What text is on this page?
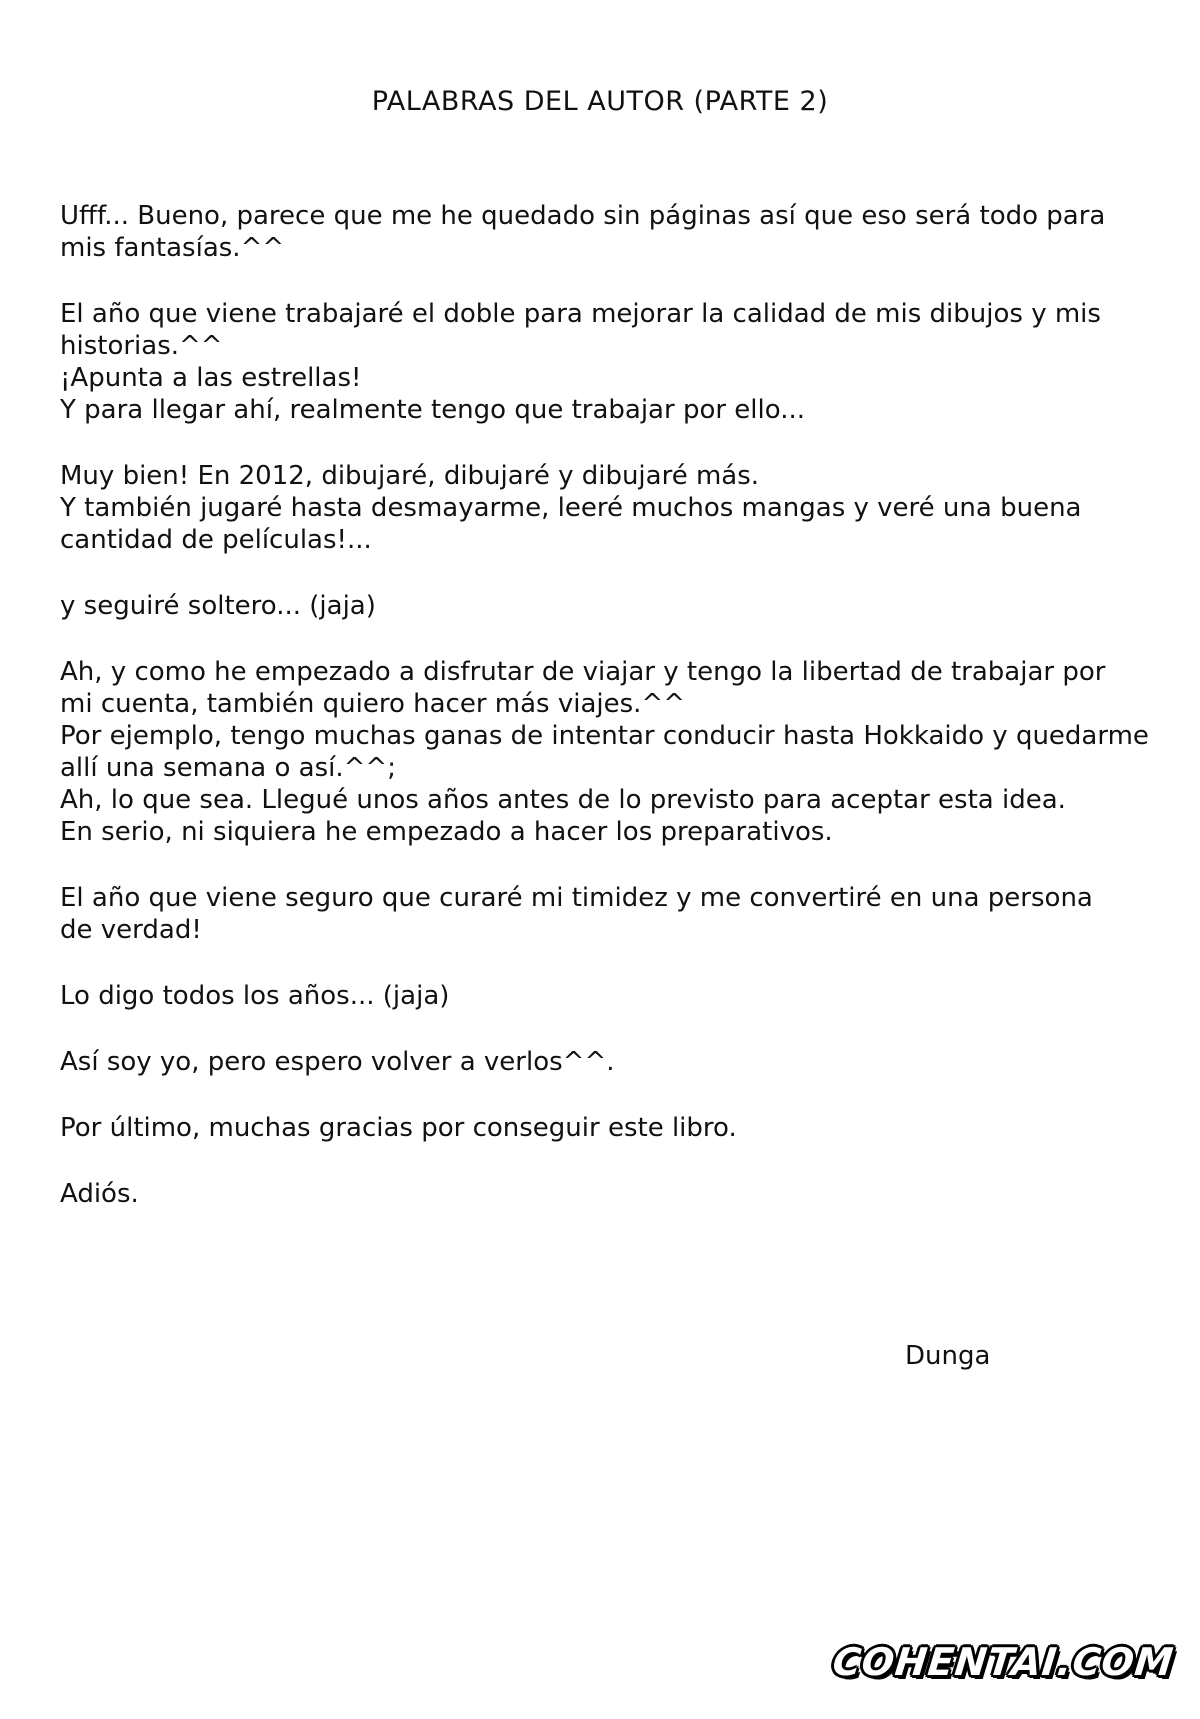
PALABRAS DEL AUTOR (PARTE 2)

Ufff... Bueno, parece que me he quedado sin páginas así que eso será todo para

mis fantasías.^^

El año que viene trabajaré el doble para mejorar la calidad de mis dibujos y mis

historias.^^

¡Apunta a las estrellas!

Y para llegar ahí, realmente tengo que trabajar por ello...

Muy bien! En 2012, dibujaré, dibujaré y dibujaré más.

Y también jugaré hasta desmayarme, leeré muchos mangas y veré una buena

cantidad de películas!...

y seguiré soltero... (jaja)

Ah, y como he empezado a disfrutar de viajar y tengo la libertad de trabajar por

mi cuenta, también quiero hacer más viajes.^^

Por ejemplo, tengo muchas ganas de intentar conducir hasta Hokkaido y quedarme

allí una semana o así.^^;

Ah, lo que sea. Llegué unos años antes de lo previsto para aceptar esta idea.

En serio, ni siquiera he empezado a hacer los preparativos.

El año que viene seguro que curaré mi timidez y me convertiré en una persona

de verdad!

Lo digo todos los años... (jaja)

Así soy yo, pero espero volver a verlos^^.

Por último, muchas gracias por conseguir este libro.

Adiós.

Dunga
COHENTAI.COM
